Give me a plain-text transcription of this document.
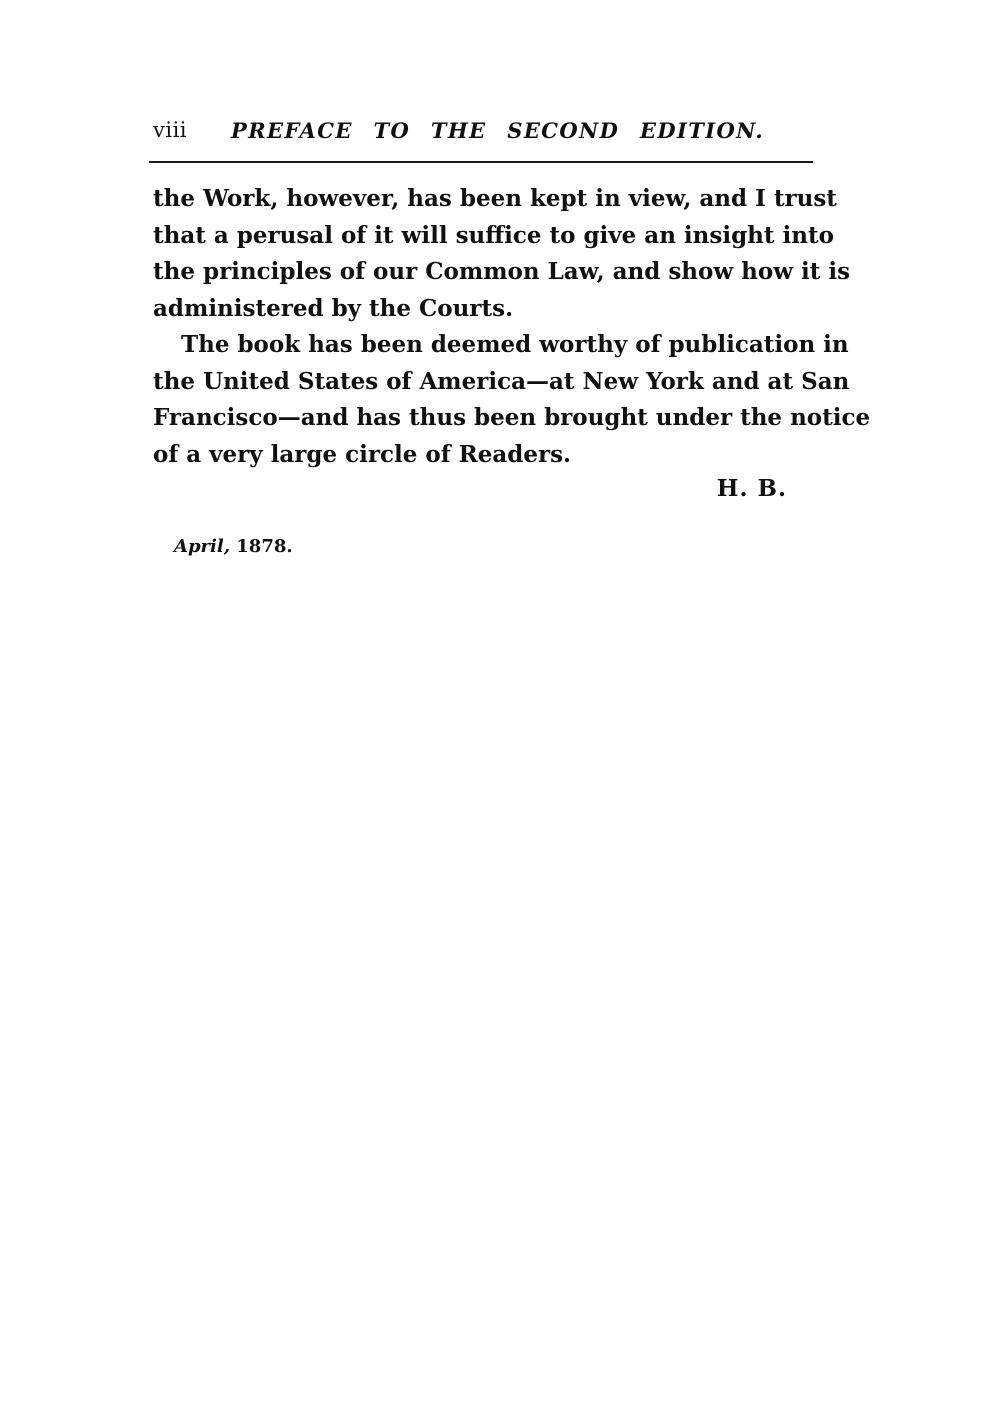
viii PREFACE TO THE SECOND EDITION.
the Work, however, has been kept in view, and I trust
that a perusal of it will suffice to give an insight into
the principles of our Common Law, and show how it is
administered by the Courts.
The book has been deemed worthy of publication in
the United States of America—at New York and at San
Francisco—and has thus been brought under the notice
of a very large circle of Readers.
H. B.
April, 1878.
